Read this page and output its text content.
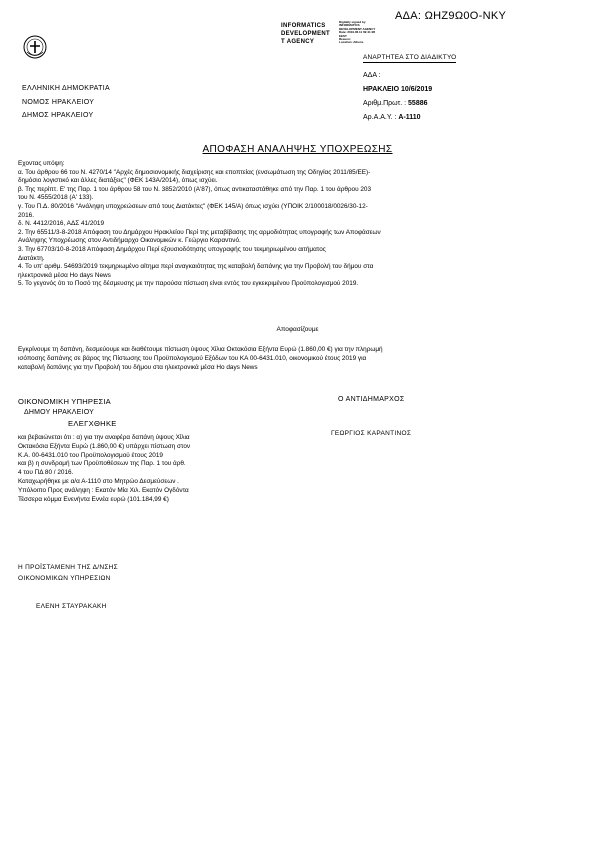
ΑΔΑ: ΩΗΖ9Ω0Ο-ΝΚΥ
INFORMATICS
DEVELOPMENT
T AGENCY
Digitally signed by
INFORMATICS
DEVELOPMENT AGENCY
Date: 2019.06.11 09:41:28
EEST
Reason:
Location: Athens
ΑΝΑΡΤΗΤΕΑ ΣΤΟ ΔΙΑΔΙΚΤΥΟ
ΕΛΛΗΝΙΚΗ ΔΗΜΟΚΡΑΤΙΑ
ΝΟΜΟΣ ΗΡΑΚΛΕΙΟΥ
ΔΗΜΟΣ ΗΡΑΚΛΕΙΟΥ
ΑΔΑ :
ΗΡΑΚΛΕΙΟ 10/6/2019
Αριθμ.Πρωτ. : 55886
Αρ.Α.Α.Υ. : Α-1110
ΑΠΟΦΑΣΗ ΑΝΑΛΗΨΗΣ ΥΠΟΧΡΕΩΣΗΣ
Εχοντας υπόψη:
α. Του άρθρου 66 του Ν. 4270/14 "Αρχές δημοσιονομικής διαχείρισης και εποπτείας (ενσωμάτωση της Οδηγίας 2011/85/ΕΕ)-
δημόσιο λογιστικό και άλλες διατάξεις" (ΦΕΚ 143Α/2014), όπως ισχύει.
β. Της περίπτ. Ε' της Παρ. 1 του άρθρου 58 του Ν. 3852/2010 (Α'87), όπως αντικαταστάθηκε από την Παρ. 1 του άρθρου 203
του Ν. 4555/2018 (Α' 133).
γ. Του Π.Δ. 80/2016 "Ανάληψη υποχρεώσεων από τους Διατάκτες" (ΦΕΚ 145/Α) όπως ισχύει (ΥΠΟΙΚ 2/100018/0026/30-12-
2016.
δ. Ν. 4412/2016, ΑΔΣ 41/2019
2. Την 65511/3-8-2018 Απόφαση του Δημάρχου Ηρακλείου Περί της μεταβίβασης της αρμοδιότητας υπογραφής των Αποφάσεων
Ανάληψης Υποχρέωσης στον Αντιδήμαρχο Οικονομικών κ. Γεώργιο Καραντινό.
3. Την 67703/10-8-2018 Απόφαση Δημάρχου Περί εξουσιοδότησης υπογραφής του τεκμηριωμένου αιτήματος
Διατάκτη.
4. Το υπ' αριθμ. 54693/2019 τεκμηριωμένο αίτημα περί αναγκαιότητας της καταβολή δαπάνης για την Προβολή του δήμου στα
ηλεκτρονικά μέσα Ho days News
5. Το γεγονός ότι το Ποσό της δέσμευσης με την παρούσα πίστωση είναι εντός του εγκεκριμένου Προϋπολογισμού 2019.
Αποφασίζουμε
Εγκρίνουμε τη δαπάνη, δεσμεύουμε και διαθέτουμε πίστωση ύψους Χίλια Οκτακόσια Εξήντα Ευρώ (1.860,00 €) για την πληρωμή
ισόποσης δαπάνης σε βάρος της Πίστωσης του Προϋπολογισμού Εξόδων του ΚΑ 00-6431.010, οικονομικού έτους 2019 για
καταβολή δαπάνης για την Προβολή του δήμου στα ηλεκτρονικά μέσα Ho days News
ΟΙΚΟΝΟΜΙΚΗ ΥΠΗΡΕΣΙΑ
ΔΗΜΟΥ ΗΡΑΚΛΕΙΟΥ
ΕΛΕΓΧΘΗΚΕ
και βεβαιώνεται ότι : α) για την αναφέρα δαπάνη ύψους Χίλια
Οκτακόσια Εξήντα Ευρώ (1.860,00 €) υπάρχει πίστωση στον
Κ.Α. 00-6431.010 του Προϋπολογισμού έτους 2019
και β) η συνδρομή των Προϋποθέσεων της Παρ. 1 του άρθ.
4 του ΠΔ 80 / 2016.
Καταχωρήθηκε με α/α Α-1110 στο Μητρώο Δεσμεύσεων .
Υπόλοιπο Προς ανάληψη : Εκατόν Μία Χιλ. Εκατόν Ογδόντα
Τέσσερα κόμμα Ενενήντα Εννέα ευρώ (101.184,99 €)
Ο ΑΝΤΙΔΗΜΑΡΧΟΣ
ΓΕΩΡΓΙΟΣ ΚΑΡΑΝΤΙΝΟΣ
Η ΠΡΟΪΣΤΑΜΕΝΗ ΤΗΣ Δ/ΝΣΗΣ
ΟΙΚΟΝΟΜΙΚΩΝ ΥΠΗΡΕΣΙΩΝ
ΕΛΕΝΗ ΣΤΑΥΡΑΚΑΚΗ
